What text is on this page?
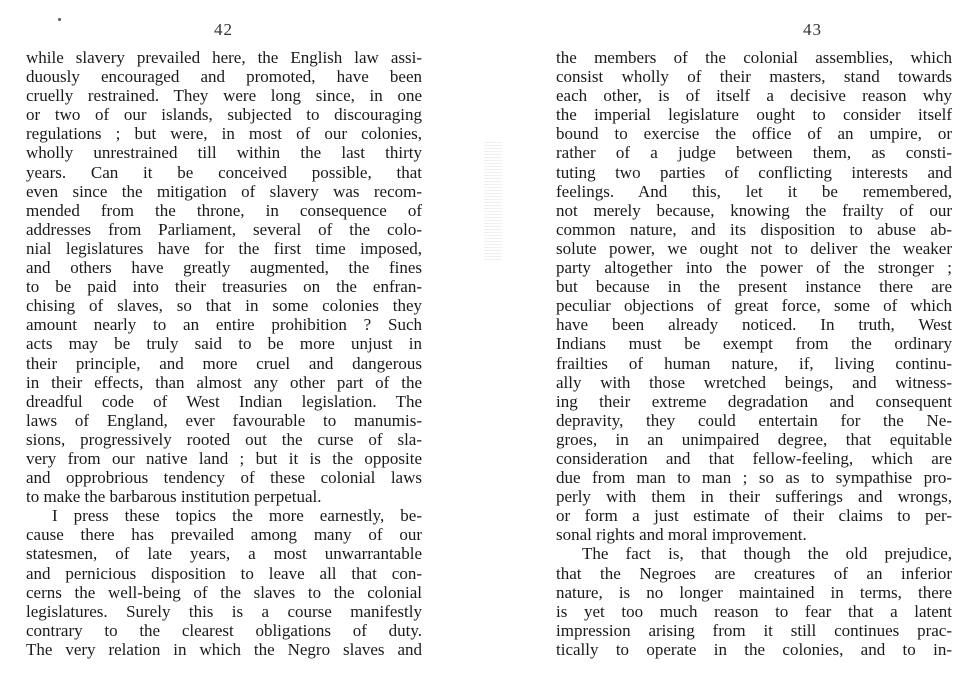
42
while slavery prevailed here, the English law assi-
duously encouraged and promoted, have been
cruelly restrained. They were long since, in one
or two of our islands, subjected to discouraging
regulations ; but were, in most of our colonies,
wholly unrestrained till within the last thirty
years. Can it be conceived possible, that
even since the mitigation of slavery was recom-
mended from the throne, in consequence of
addresses from Parliament, several of the colo-
nial legislatures have for the first time imposed,
and others have greatly augmented, the fines
to be paid into their treasuries on the enfran-
chising of slaves, so that in some colonies they
amount nearly to an entire prohibition ? Such
acts may be truly said to be more unjust in
their principle, and more cruel and dangerous
in their effects, than almost any other part of the
dreadful code of West Indian legislation. The
laws of England, ever favourable to manumis-
sions, progressively rooted out the curse of sla-
very from our native land ; but it is the opposite
and opprobrious tendency of these colonial laws
to make the barbarous institution perpetual.
I press these topics the more earnestly, be-
cause there has prevailed among many of our
statesmen, of late years, a most unwarrantable
and pernicious disposition to leave all that con-
cerns the well-being of the slaves to the colonial
legislatures. Surely this is a course manifestly
contrary to the clearest obligations of duty.
The very relation in which the Negro slaves and
43
the members of the colonial assemblies, which
consist wholly of their masters, stand towards
each other, is of itself a decisive reason why
the imperial legislature ought to consider itself
bound to exercise the office of an umpire, or
rather of a judge between them, as consti-
tuting two parties of conflicting interests and
feelings. And this, let it be remembered,
not merely because, knowing the frailty of our
common nature, and its disposition to abuse ab-
solute power, we ought not to deliver the weaker
party altogether into the power of the stronger ;
but because in the present instance there are
peculiar objections of great force, some of which
have been already noticed. In truth, West
Indians must be exempt from the ordinary
frailties of human nature, if, living continu-
ally with those wretched beings, and witness-
ing their extreme degradation and consequent
depravity, they could entertain for the Ne-
groes, in an unimpaired degree, that equitable
consideration and that fellow-feeling, which are
due from man to man ; so as to sympathise pro-
perly with them in their sufferings and wrongs,
or form a just estimate of their claims to per-
sonal rights and moral improvement.
The fact is, that though the old prejudice,
that the Negroes are creatures of an inferior
nature, is no longer maintained in terms, there
is yet too much reason to fear that a latent
impression arising from it still continues prac-
tically to operate in the colonies, and to in-
